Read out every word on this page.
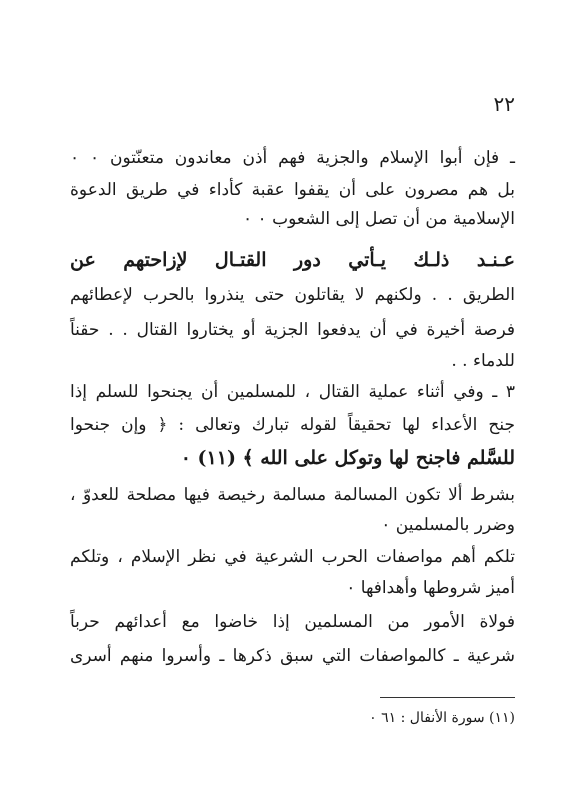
٢٢
ـ فإن أبوا الإسلام والجزية فهم أذن معاندون متعنّتون ٠ ٠
بل هم مصرون على أن يقفوا عقبة كأداء في طريق الدعوة
الإسلامية من أن تصل إلى الشعوب ٠ ٠
عـنـد ذلـك يـأتي دور القتـال لإزاحتهم عن
الطريق . . ولكنهم لا يقاتلون حتى ينذروا بالحرب لإعطائهم
فرصة أخيرة في أن يدفعوا الجزية أو يختاروا القتال . . حقناً
للدماء . .
٣ ـ وفي أثناء عملية القتال ، للمسلمين أن يجنحوا للسلم إذا
جنح الأعداء لها تحقيقاً لقوله تبارك وتعالى : ﴿ وإن جنحوا
للسَّلم فاجنح لها وتوكل على الله ﴾ (١١) ٠
بشرط ألا تكون المسالمة مسالمة رخيصة فيها مصلحة للعدوّ ،
وضرر بالمسلمين ٠
تلكم أهم مواصفات الحرب الشرعية في نظر الإسلام ، وتلكم
أميز شروطها وأهدافها ٠
فولاة الأمور من المسلمين إذا خاضوا مع أعدائهم حرباً
شرعية ـ كالمواصفات التي سبق ذكرها ـ وأسروا منهم أسرى
(١١) سورة الأنفال : ٦١ ٠
